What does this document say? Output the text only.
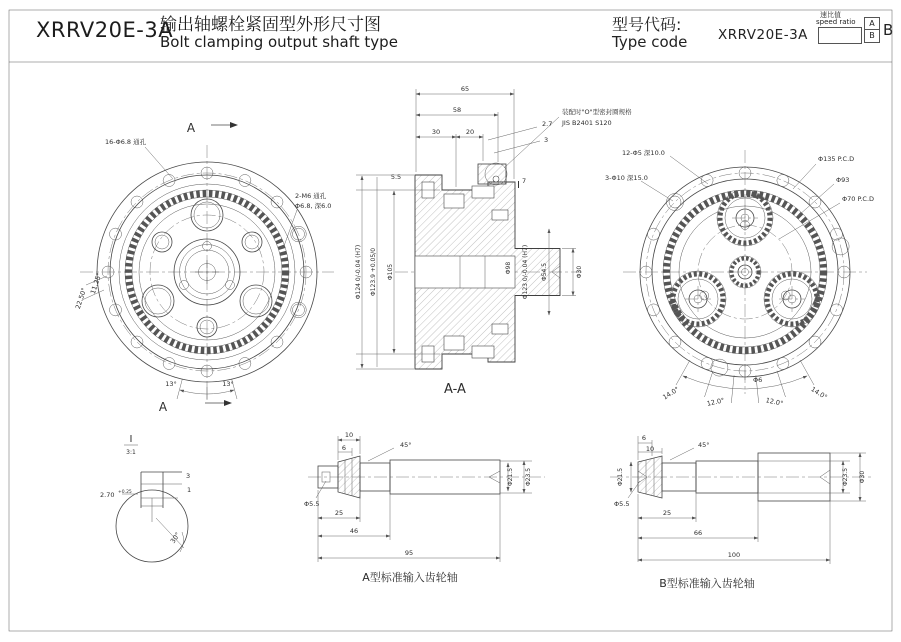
XRRV20E-3A
输出轴螺栓紧固型外形尺寸图
Bolt clamping output shaft type
型号代码:
Type code XRRV20E-3A
速比值
speed ratio	A
B B
A
A
16-Φ6.8 通孔
2-M6 通孔
Φ6.8, 深6.0
11.25°
22.50°
13°	13°
I
装配时"O"型密封圈规格
JIS B2401 S120
65
58
30	20
2.7
3
5.5	7
Φ124 0/-0.04 (H7) Φ123.9 +0.05/0 Φ105	Φ98 Φ123 0/-0.04 (H7) Φ54.5	Φ30
A-A
12-Φ5 深10.0
3-Φ10 深15.0
Φ135 P.C.D
Φ93
Φ70 P.C.D
Φ6
14.0°
12.0°	12.0°
14.0°
I
3:1
2.70 +0.25
3
1
30°
10
6	45°
Φ5.5
25
46
95
Φ21.5 Φ23.5
A型标准输入齿轮轴
6
10	45°
Φ21.5
Φ5.5
25
66
100
Φ23.5 Φ30
B型标准输入齿轮轴
